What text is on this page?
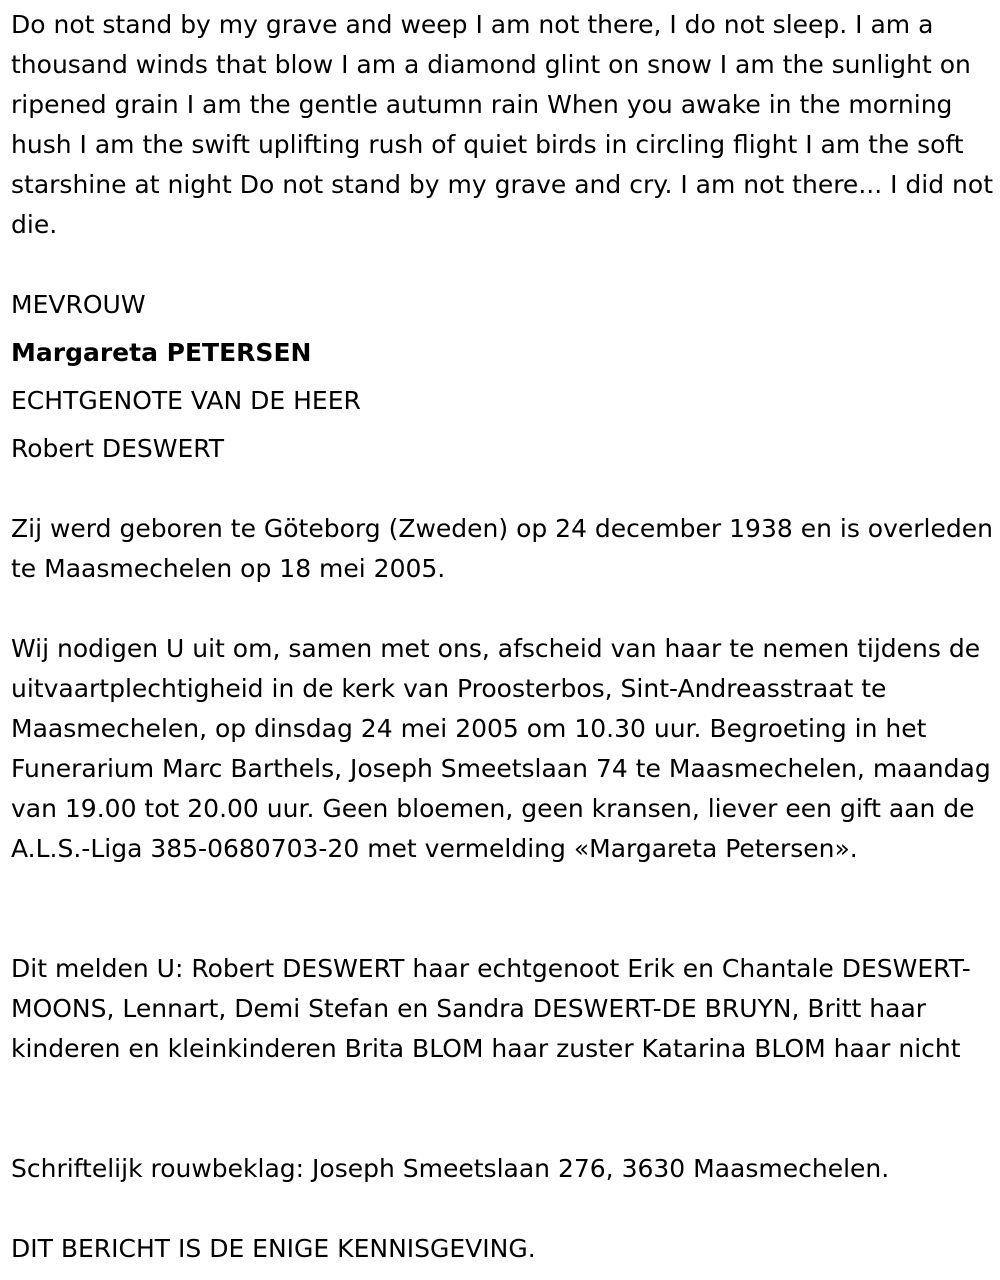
Do not stand by my grave and weep I am not there, I do not sleep. I am a thousand winds that blow I am a diamond glint on snow I am the sunlight on ripened grain I am the gentle autumn rain When you awake in the morning hush I am the swift uplifting rush of quiet birds in circling flight I am the soft starshine at night Do not stand by my grave and cry. I am not there... I did not die.

MEVROUW
Margareta PETERSEN
ECHTGENOTE VAN DE HEER
Robert DESWERT

Zij werd geboren te Göteborg (Zweden) op 24 december 1938 en is overleden te Maasmechelen op 18 mei 2005.

Wij nodigen U uit om, samen met ons, afscheid van haar te nemen tijdens de uitvaartplechtigheid in de kerk van Proosterbos, Sint-Andreasstraat te Maasmechelen, op dinsdag 24 mei 2005 om 10.30 uur. Begroeting in het Funerarium Marc Barthels, Joseph Smeetslaan 74 te Maasmechelen, maandag van 19.00 tot 20.00 uur. Geen bloemen, geen kransen, liever een gift aan de A.L.S.-Liga 385-0680703-20 met vermelding «Margareta Petersen».

Dit melden U: Robert DESWERT haar echtgenoot Erik en Chantale DESWERT-MOONS, Lennart, Demi Stefan en Sandra DESWERT-DE BRUYN, Britt haar kinderen en kleinkinderen Brita BLOM haar zuster Katarina BLOM haar nicht

Schriftelijk rouwbeklag: Joseph Smeetslaan 276, 3630 Maasmechelen.

DIT BERICHT IS DE ENIGE KENNISGEVING.
